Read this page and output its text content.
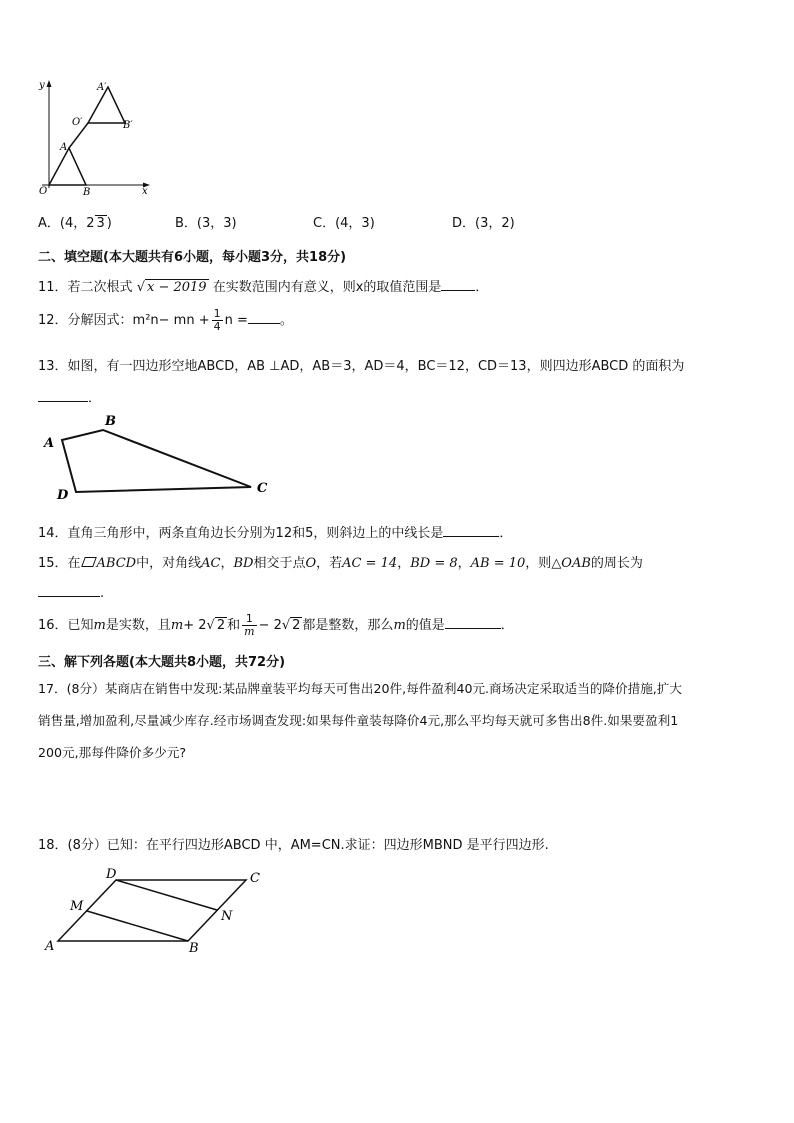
y
x
O
A
B
A′
O′	B′
A．(4，2 3 )	B．(3，3)	C．(4，3)	D．(3，2)
二、填空题(本大题共有6小题，每小题3分，共18分)
11．若二次根式 √ x − 2019 在实数范围内有意义，则x的取值范围是	．
12．分解因式：m²n− mn + $\frac{1}{4}$ n = 。
13．如图，有一四边形空地ABCD，AB ⊥AD，AB＝3，AD＝4，BC＝12，CD＝13，则四边形ABCD 的面积为
．
A
B
C
D
14．直角三角形中，两条直角边长分别为12和5，则斜边上的中线长是	．
15．在 ABCD中，对角线AC，BD相交于点O，若AC = 14，BD = 8，AB = 10，则△OAB的周长为
.
16．已知m是实数，且m+ 2√ 2 和 $\frac{1}{m} - 2√$ 2 都是整数，那么m的值是	．
三、解下列各题(本大题共8小题，共72分)
17．(8分）某商店在销售中发现:某品牌童装平均每天可售出20件,每件盈利40元.商场决定采取适当的降价措施,扩大
销售量,增加盈利,尽量减少库存.经市场调查发现:如果每件童装每降价4元,那么平均每天就可多售出8件.如果要盈利1
200元,那每件降价多少元?
18．(8分）已知：在平行四边形ABCD 中，AM=CN.求证：四边形MBND 是平行四边形.
A	B
C
D
M
N
